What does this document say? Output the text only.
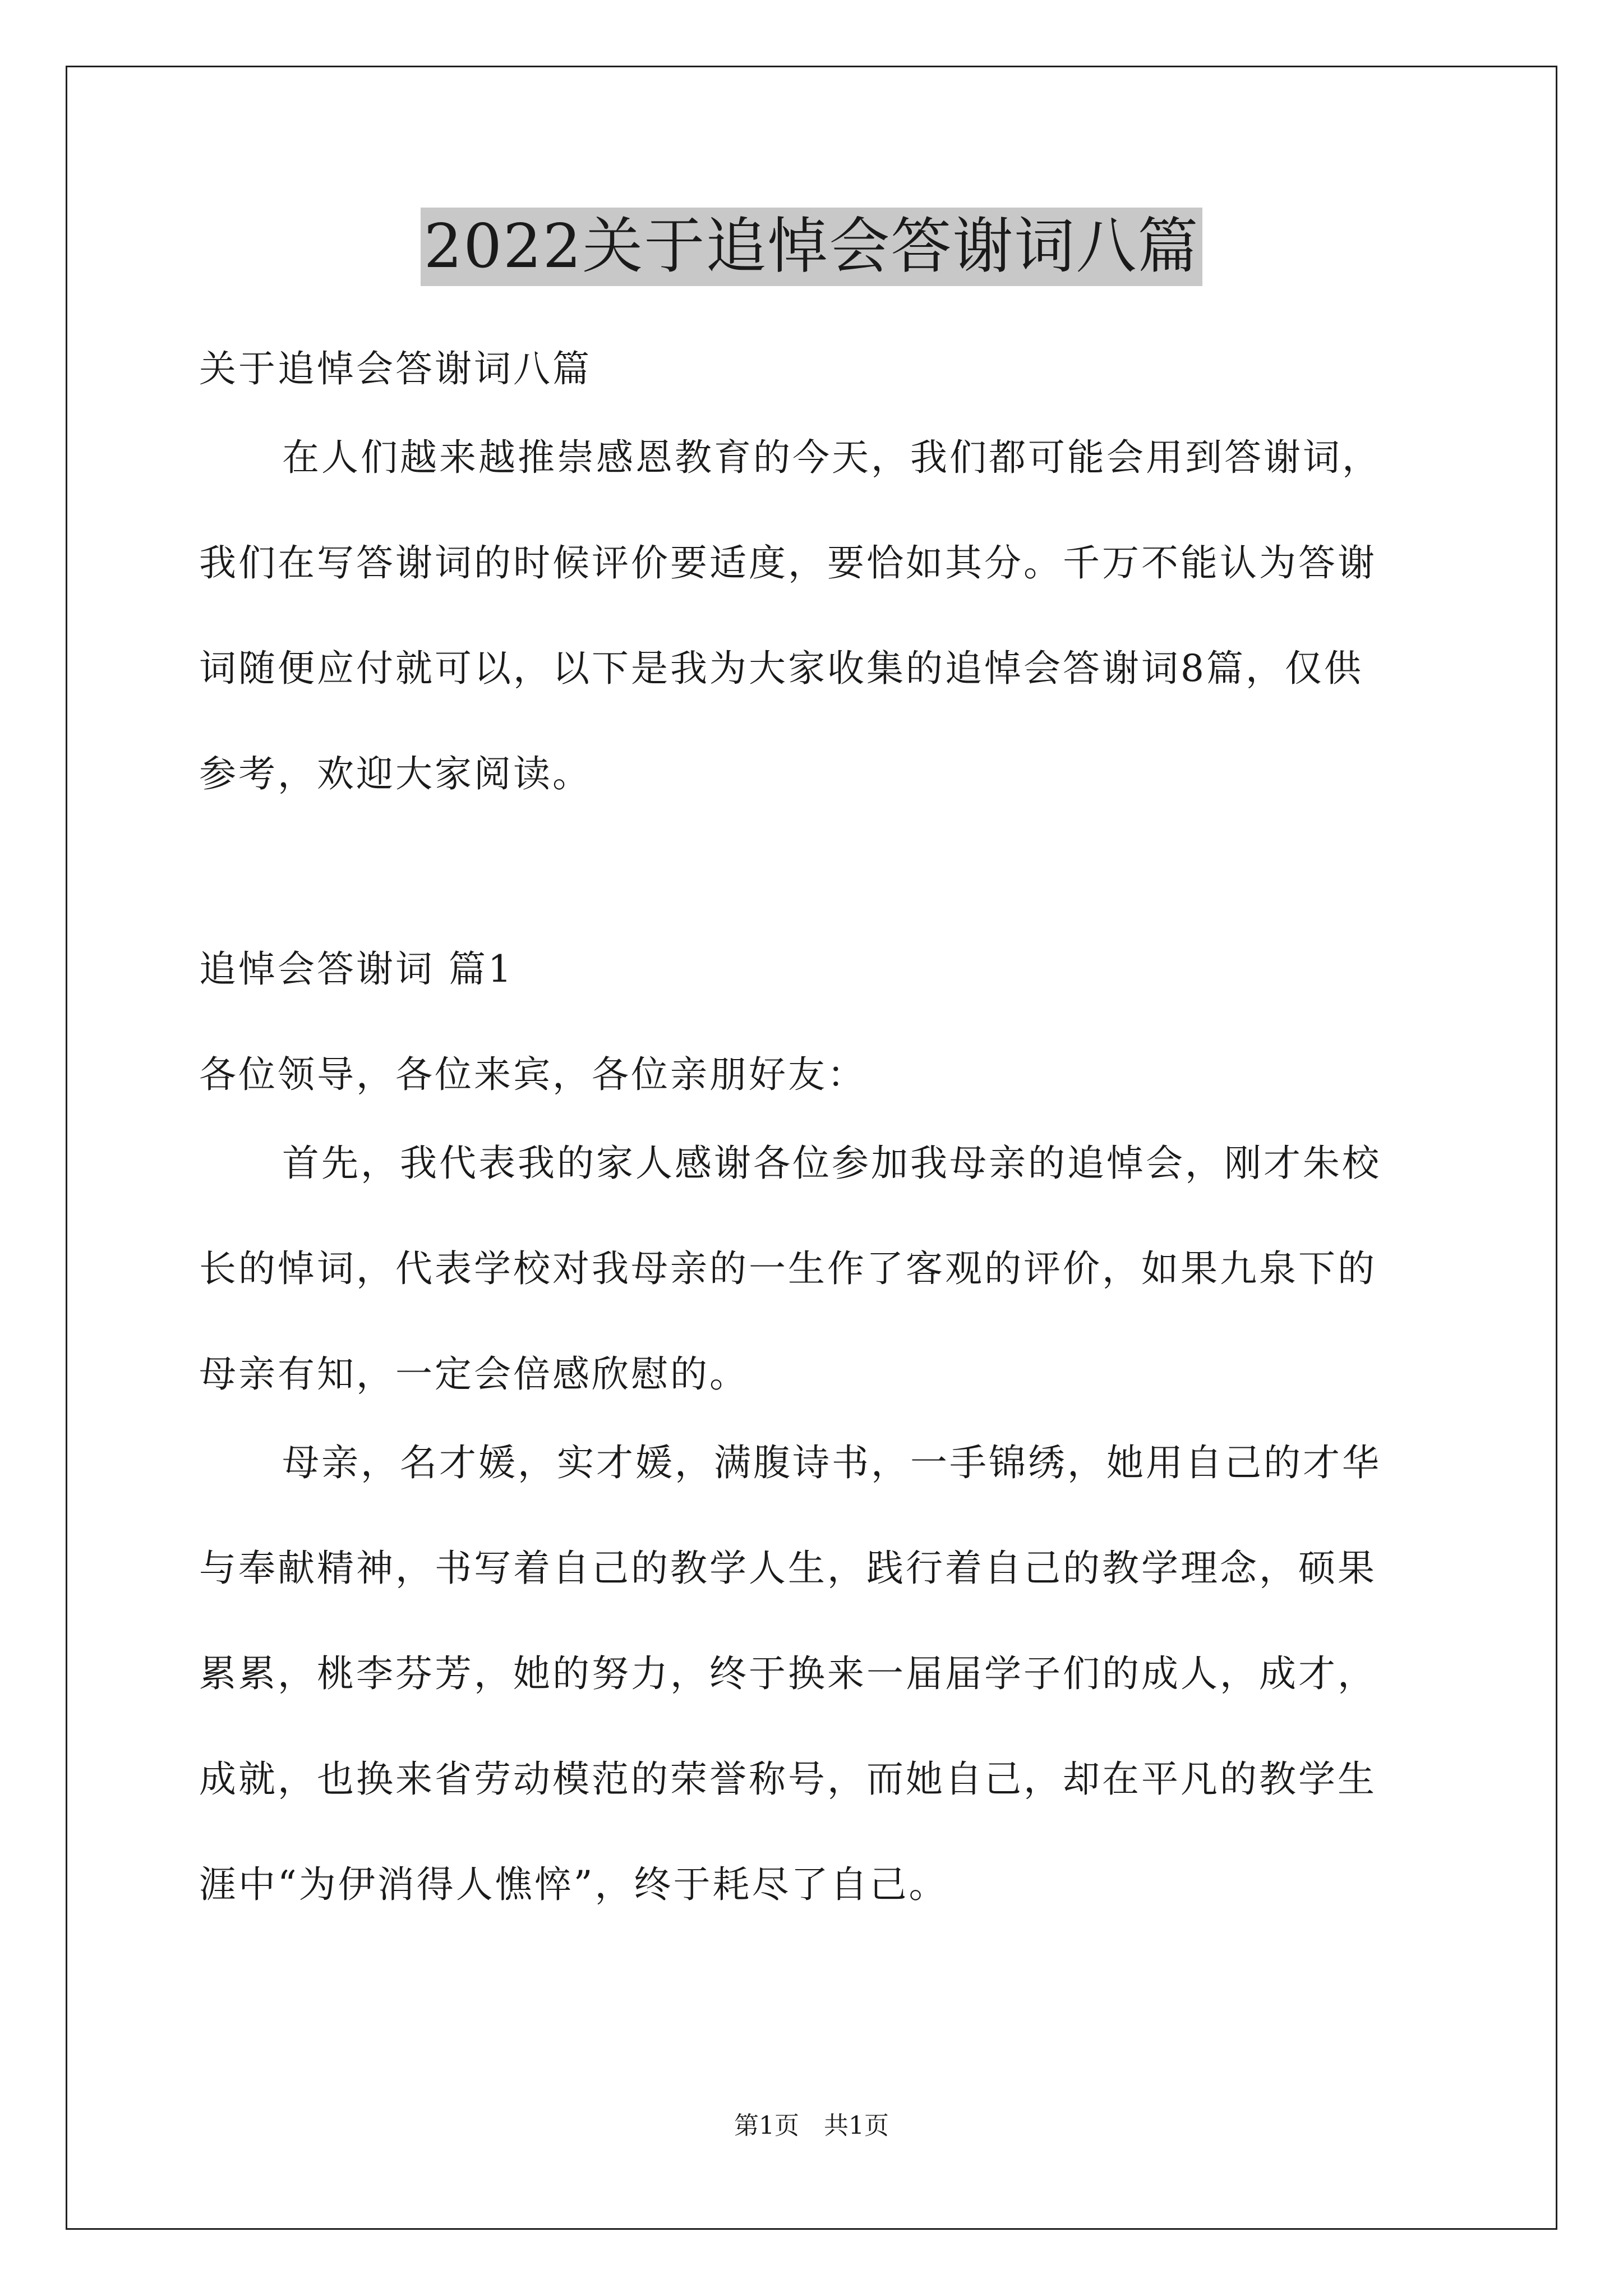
2022关于追悼会答谢词八篇
关于追悼会答谢词八篇
在人们越来越推崇感恩教育的今天，我们都可能会用到答谢词，
我们在写答谢词的时候评价要适度，要恰如其分。千万不能认为答谢
词随便应付就可以，以下是我为大家收集的追悼会答谢词8篇，仅供
参考，欢迎大家阅读。
追悼会答谢词 篇1
各位领导，各位来宾，各位亲朋好友：
首先，我代表我的家人感谢各位参加我母亲的追悼会，刚才朱校
长的悼词，代表学校对我母亲的一生作了客观的评价，如果九泉下的
母亲有知，一定会倍感欣慰的。
母亲，名才媛，实才媛，满腹诗书，一手锦绣，她用自己的才华
与奉献精神，书写着自己的教学人生，践行着自己的教学理念，硕果
累累，桃李芬芳，她的努力，终于换来一届届学子们的成人，成才，
成就，也换来省劳动模范的荣誉称号，而她自己，却在平凡的教学生
涯中“为伊消得人憔悴”，终于耗尽了自己。
第1页　共1页
